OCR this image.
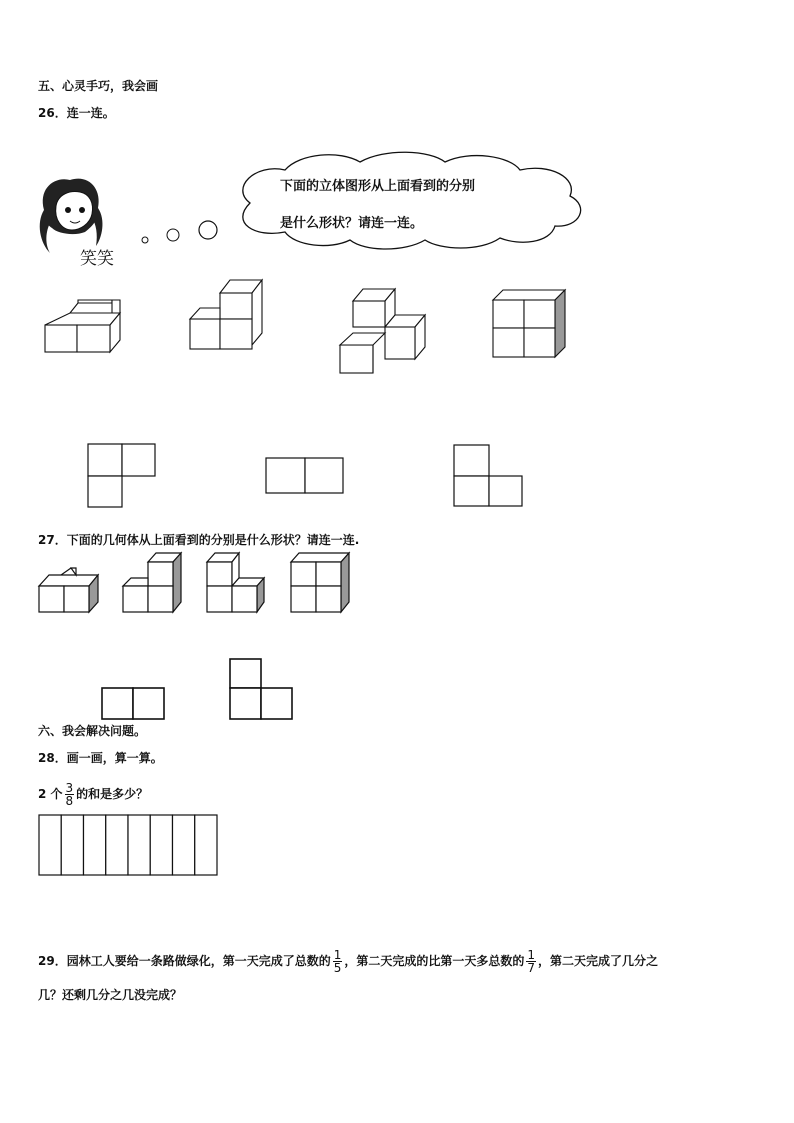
五、心灵手巧，我会画
26．连一连。
下面的立体图形从上面看到的分别
是什么形状？请连一连。
笑笑
27．下面的几何体从上面看到的分别是什么形状？请连一连.
六、我会解决问题。
28．画一画，算一算。
2 个 $\frac{3}{8}$ 的和是多少？
29．园林工人要给一条路做绿化，第一天完成了总数的 $\frac{1}{5}$ ，第二天完成的比第一天多总数的 $\frac{1}{7}$ ，第二天完成了几分之
几？还剩几分之几没完成？
